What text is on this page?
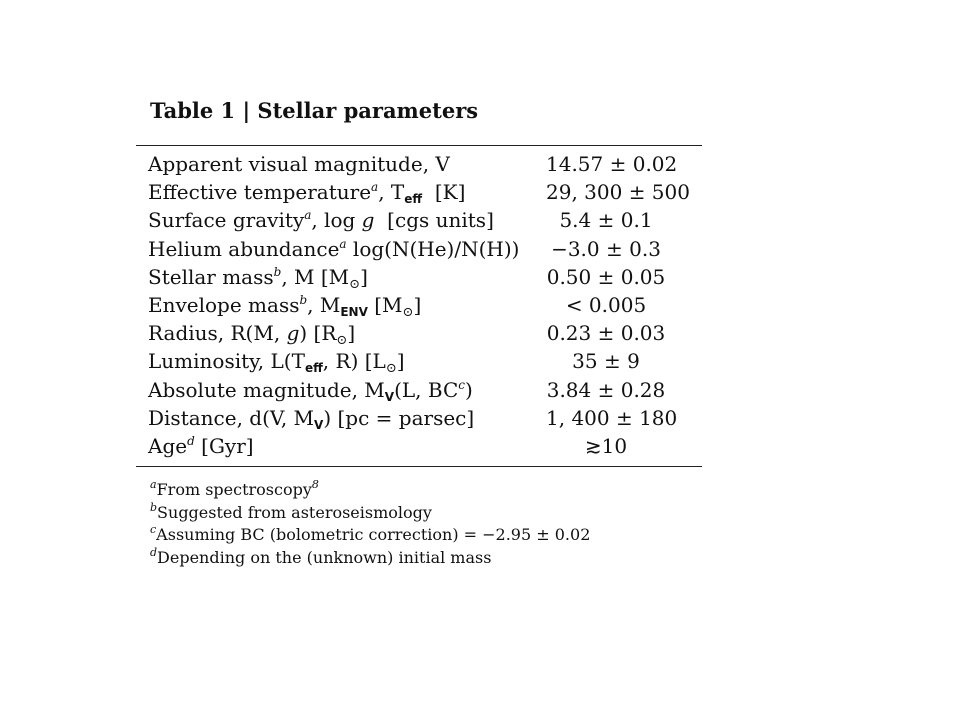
Table 1 | Stellar parameters
Apparent visual magnitude, V	14.57 ± 0.02
Effective temperature$^a$, $T_{eff}$  [K]	29, 300 ± 500
Surface gravity$^a$, log g  [cgs units]	5.4 ± 0.1
Helium abundance$^a$ log(N(He)/N(H)) −3.0 ± 0.3
Stellar mass$^b$, M $[M_⊙]$	0.50 ± 0.05
Envelope mass$^b$, $M_{ENV}$ $[M_⊙]$	< 0.005
Radius, R(M, g) $[R_⊙]$	0.23 ± 0.03
Luminosity, $L(T_{eff}$, R) $[L_⊙]$	35 ± 9
Absolute magnitude, $M_V(L$, $BC^c$)	3.84 ± 0.28
Distance, d(V, $M_V$) [pc = parsec]	1, 400 ± 180
Age$^d$ [Gyr]	≳10
$^a$From spectroscopy$^8$
$^b$Suggested from asteroseismology
$^c$Assuming BC (bolometric correction) = −2.95 ± 0.02
$^d$Depending on the (unknown) initial mass
